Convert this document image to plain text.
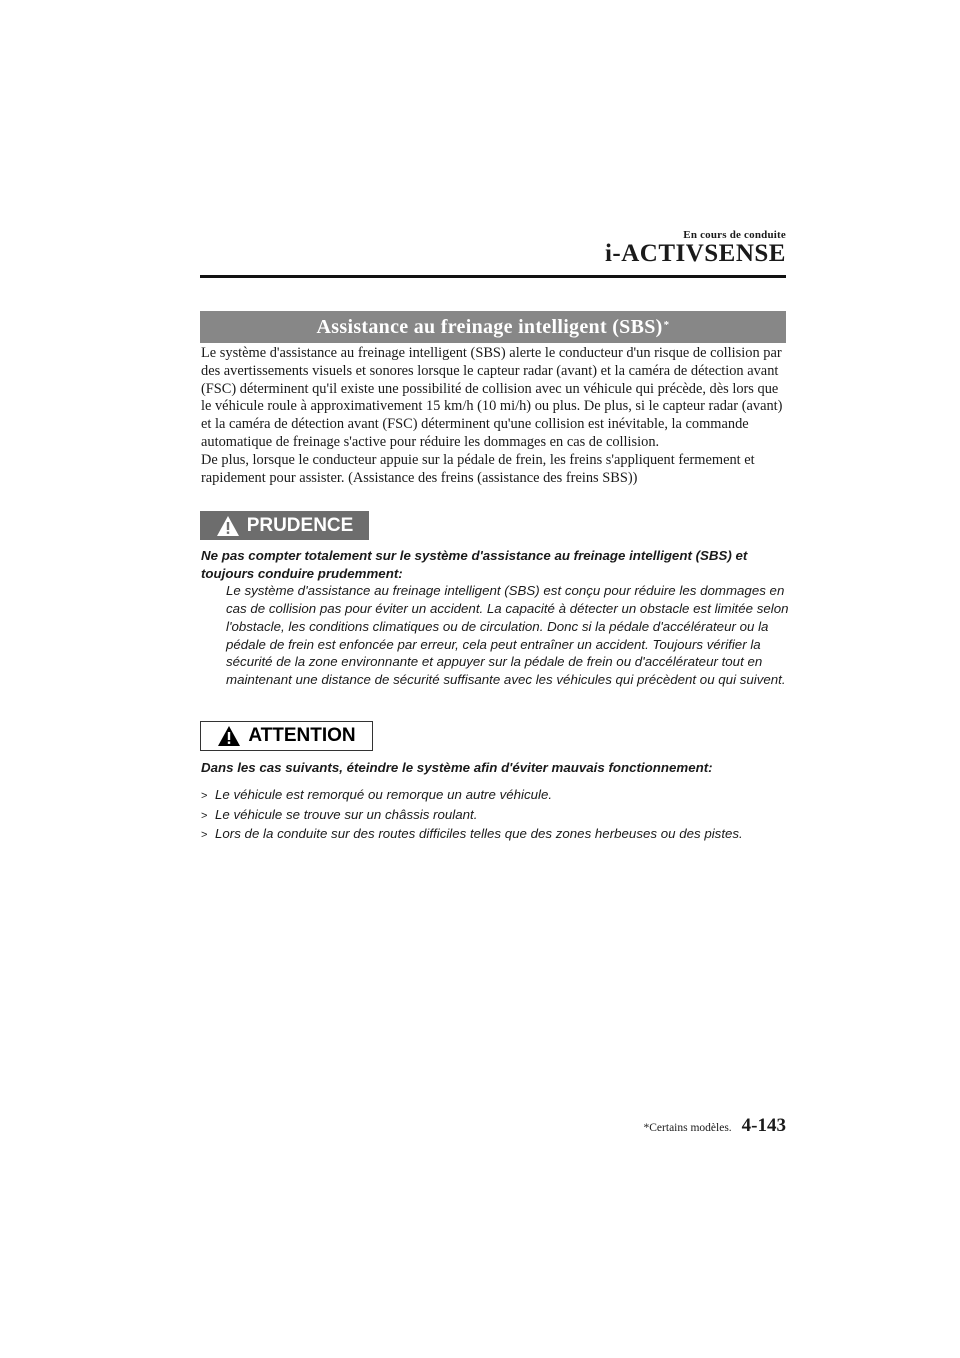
En cours de conduite
i-ACTIVSENSE
Assistance au freinage intelligent (SBS)*

Le système d'assistance au freinage intelligent (SBS) alerte le conducteur d'un risque de collision par des avertissements visuels et sonores lorsque le capteur radar (avant) et la caméra de détection avant (FSC) déterminent qu'il existe une possibilité de collision avec un véhicule qui précède, dès lors que le véhicule roule à approximativement 15 km/h (10 mi/h) ou plus. De plus, si le capteur radar (avant) et la caméra de détection avant (FSC) déterminent qu'une collision est inévitable, la commande automatique de freinage s'active pour réduire les dommages en cas de collision.

De plus, lorsque le conducteur appuie sur la pédale de frein, les freins s'appliquent fermement et rapidement pour assister. (Assistance des freins (assistance des freins SBS))

PRUDENCE

Ne pas compter totalement sur le système d'assistance au freinage intelligent (SBS) et toujours conduire prudemment:

Le système d'assistance au freinage intelligent (SBS) est conçu pour réduire les dommages en cas de collision pas pour éviter un accident. La capacité à détecter un obstacle est limitée selon l'obstacle, les conditions climatiques ou de circulation. Donc si la pédale d'accélérateur ou la pédale de frein est enfoncée par erreur, cela peut entraîner un accident. Toujours vérifier la sécurité de la zone environnante et appuyer sur la pédale de frein ou d'accélérateur tout en maintenant une distance de sécurité suffisante avec les véhicules qui précèdent ou qui suivent.

ATTENTION

Dans les cas suivants, éteindre le système afin d'éviter mauvais fonctionnement:

> Le véhicule est remorqué ou remorque un autre véhicule.
> Le véhicule se trouve sur un châssis roulant.
> Lors de la conduite sur des routes difficiles telles que des zones herbeuses ou des pistes.
*Certains modèles. 4-143
